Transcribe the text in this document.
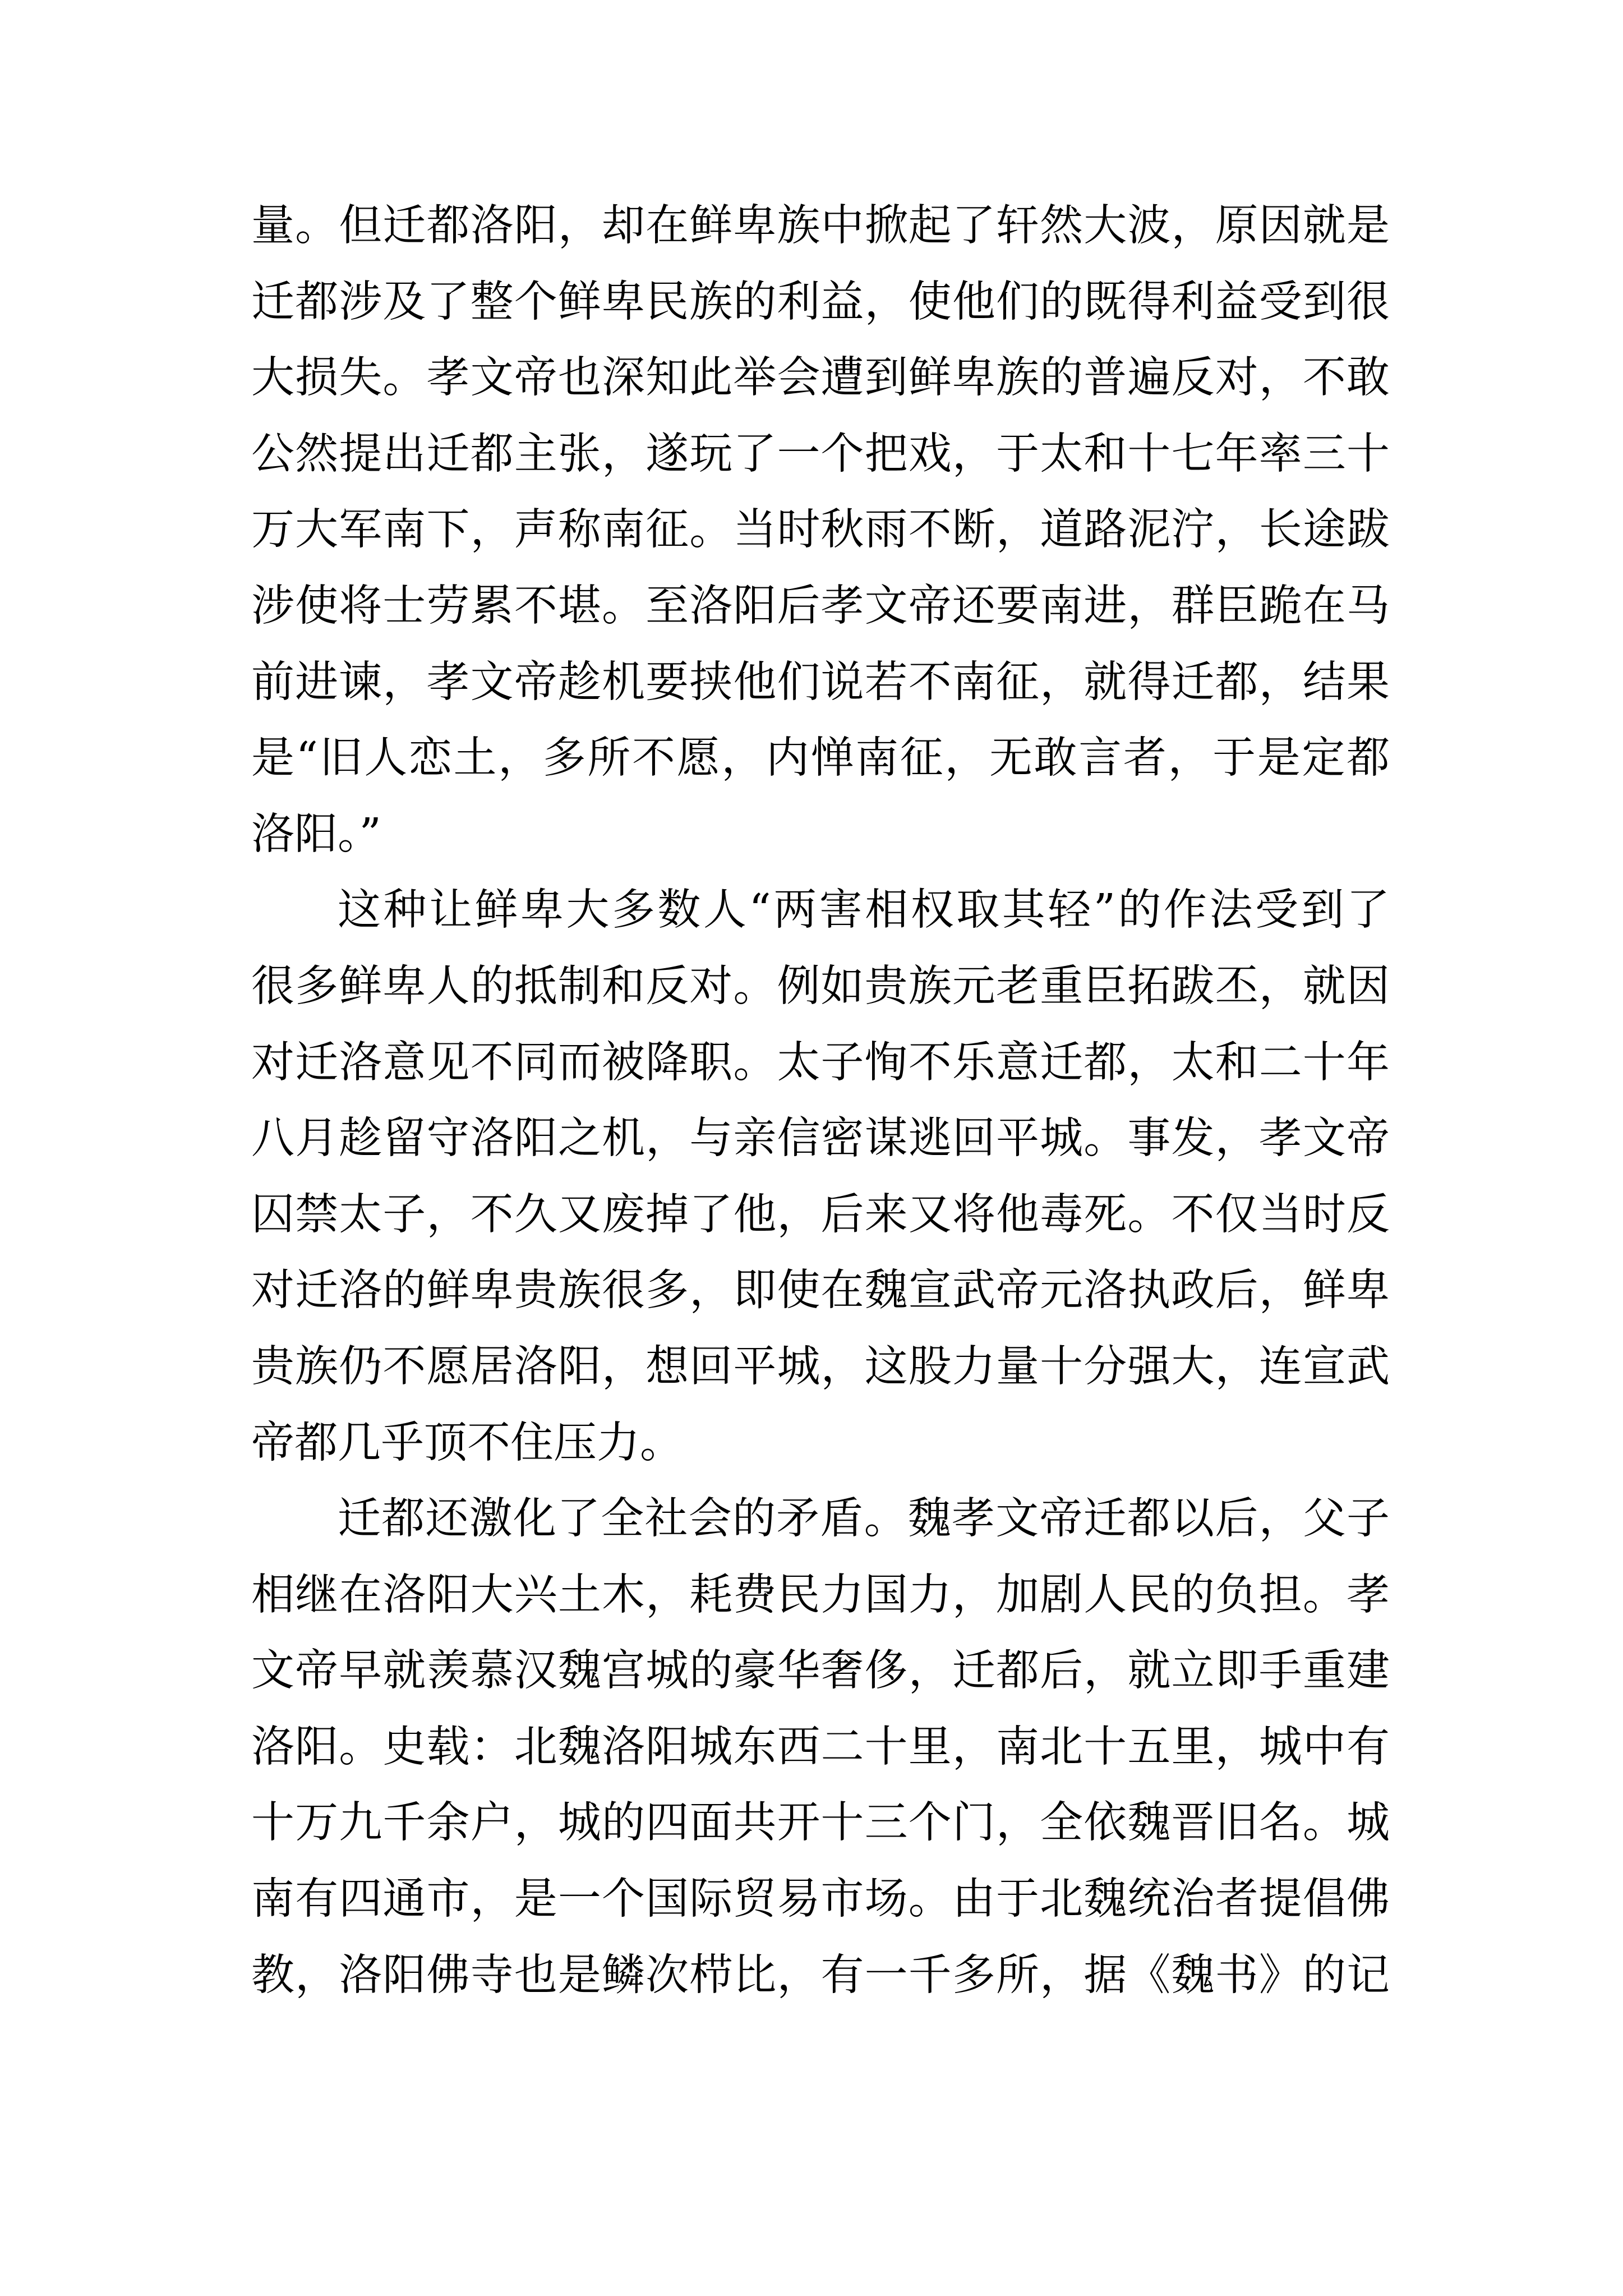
量。但迁都洛阳，却在鲜卑族中掀起了轩然大波，原因就是
迁都涉及了整个鲜卑民族的利益，使他们的既得利益受到很
大损失。孝文帝也深知此举会遭到鲜卑族的普遍反对，不敢
公然提出迁都主张，遂玩了一个把戏，于太和十七年率三十
万大军南下，声称南征。当时秋雨不断，道路泥泞，长途跋
涉使将士劳累不堪。至洛阳后孝文帝还要南进，群臣跪在马
前进谏，孝文帝趁机要挟他们说若不南征，就得迁都，结果
是“旧人恋土，多所不愿，内惮南征，无敢言者，于是定都
洛阳。”
这种让鲜卑大多数人“两害相权取其轻”的作法受到了
很多鲜卑人的抵制和反对。例如贵族元老重臣拓跋丕，就因
对迁洛意见不同而被降职。太子恂不乐意迁都，太和二十年
八月趁留守洛阳之机，与亲信密谋逃回平城。事发，孝文帝
囚禁太子，不久又废掉了他，后来又将他毒死。不仅当时反
对迁洛的鲜卑贵族很多，即使在魏宣武帝元洛执政后，鲜卑
贵族仍不愿居洛阳，想回平城，这股力量十分强大，连宣武
帝都几乎顶不住压力。
迁都还激化了全社会的矛盾。魏孝文帝迁都以后，父子
相继在洛阳大兴土木，耗费民力国力，加剧人民的负担。孝
文帝早就羡慕汉魏宫城的豪华奢侈，迁都后，就立即手重建
洛阳。史载：北魏洛阳城东西二十里，南北十五里，城中有
十万九千余户，城的四面共开十三个门，全依魏晋旧名。城
南有四通市，是一个国际贸易市场。由于北魏统治者提倡佛
教，洛阳佛寺也是鳞次栉比，有一千多所，据《魏书》的记
